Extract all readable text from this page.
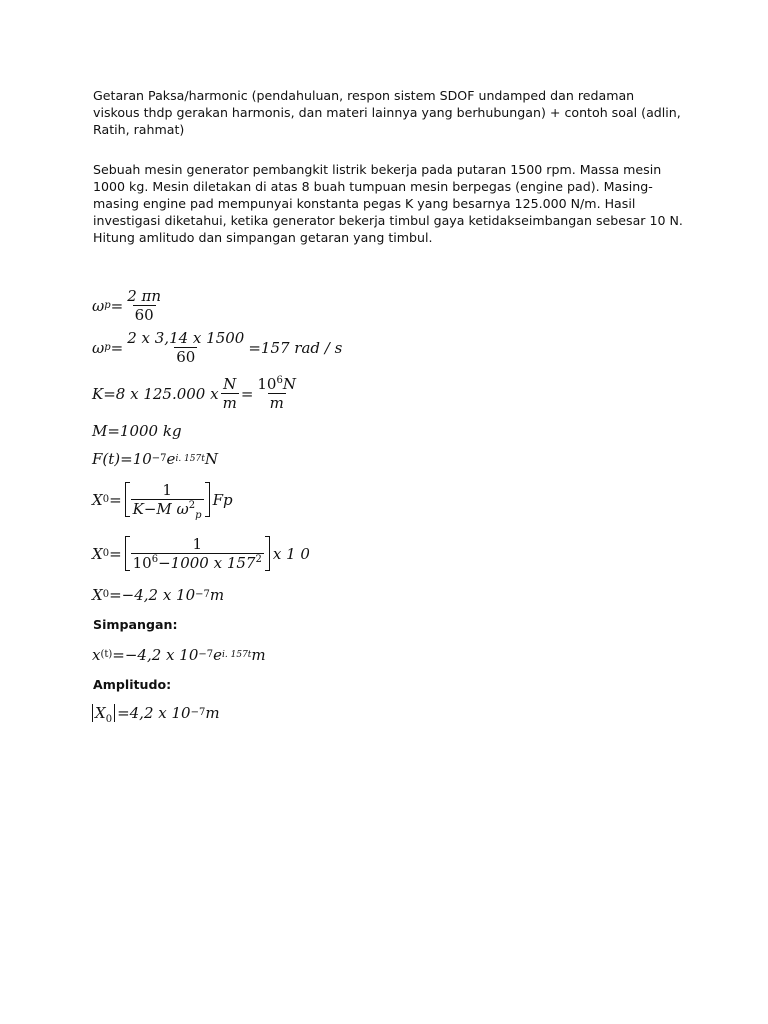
Getaran Paksa/harmonic (pendahuluan, respon sistem SDOF undamped dan redaman viskous thdp gerakan harmonis, dan materi lainnya yang berhubungan) + contoh soal (adlin, Ratih, rahmat)

Sebuah mesin generator pembangkit listrik bekerja pada putaran 1500 rpm. Massa mesin 1000 kg. Mesin diletakan di atas 8 buah tumpuan mesin berpegas (engine pad). Masing-masing engine pad mempunyai konstanta pegas K yang besarnya 125.000 N/m. Hasil investigasi diketahui, ketika generator bekerja timbul gaya ketidakseimbangan sebesar 10 N. Hitung amlitudo dan simpangan getaran yang timbul.

ω $p = \frac{2 \pi n}{60}$
ω $p = \frac{2 x 3,14 x 1500}{60} =157$ rad / s
K=8 x 125.000 x $\frac{N}{m} = \frac{10^6N}{m}$
M=1000 kg
F(t)=10 −7 e i. 157t N
X $0 = \frac{1}{K-M \omega^2_p}$ Fp
X $0 = \frac{1}{10^6-1000 x 157^2}$ x 1 0
X 0 =−4,2 x 10 −7 m

Simpangan:

x (t) =−4,2 x 10 −7 e i. 157t m

Amplitudo:

$X_0 =4,2$ x 10 −7 m
